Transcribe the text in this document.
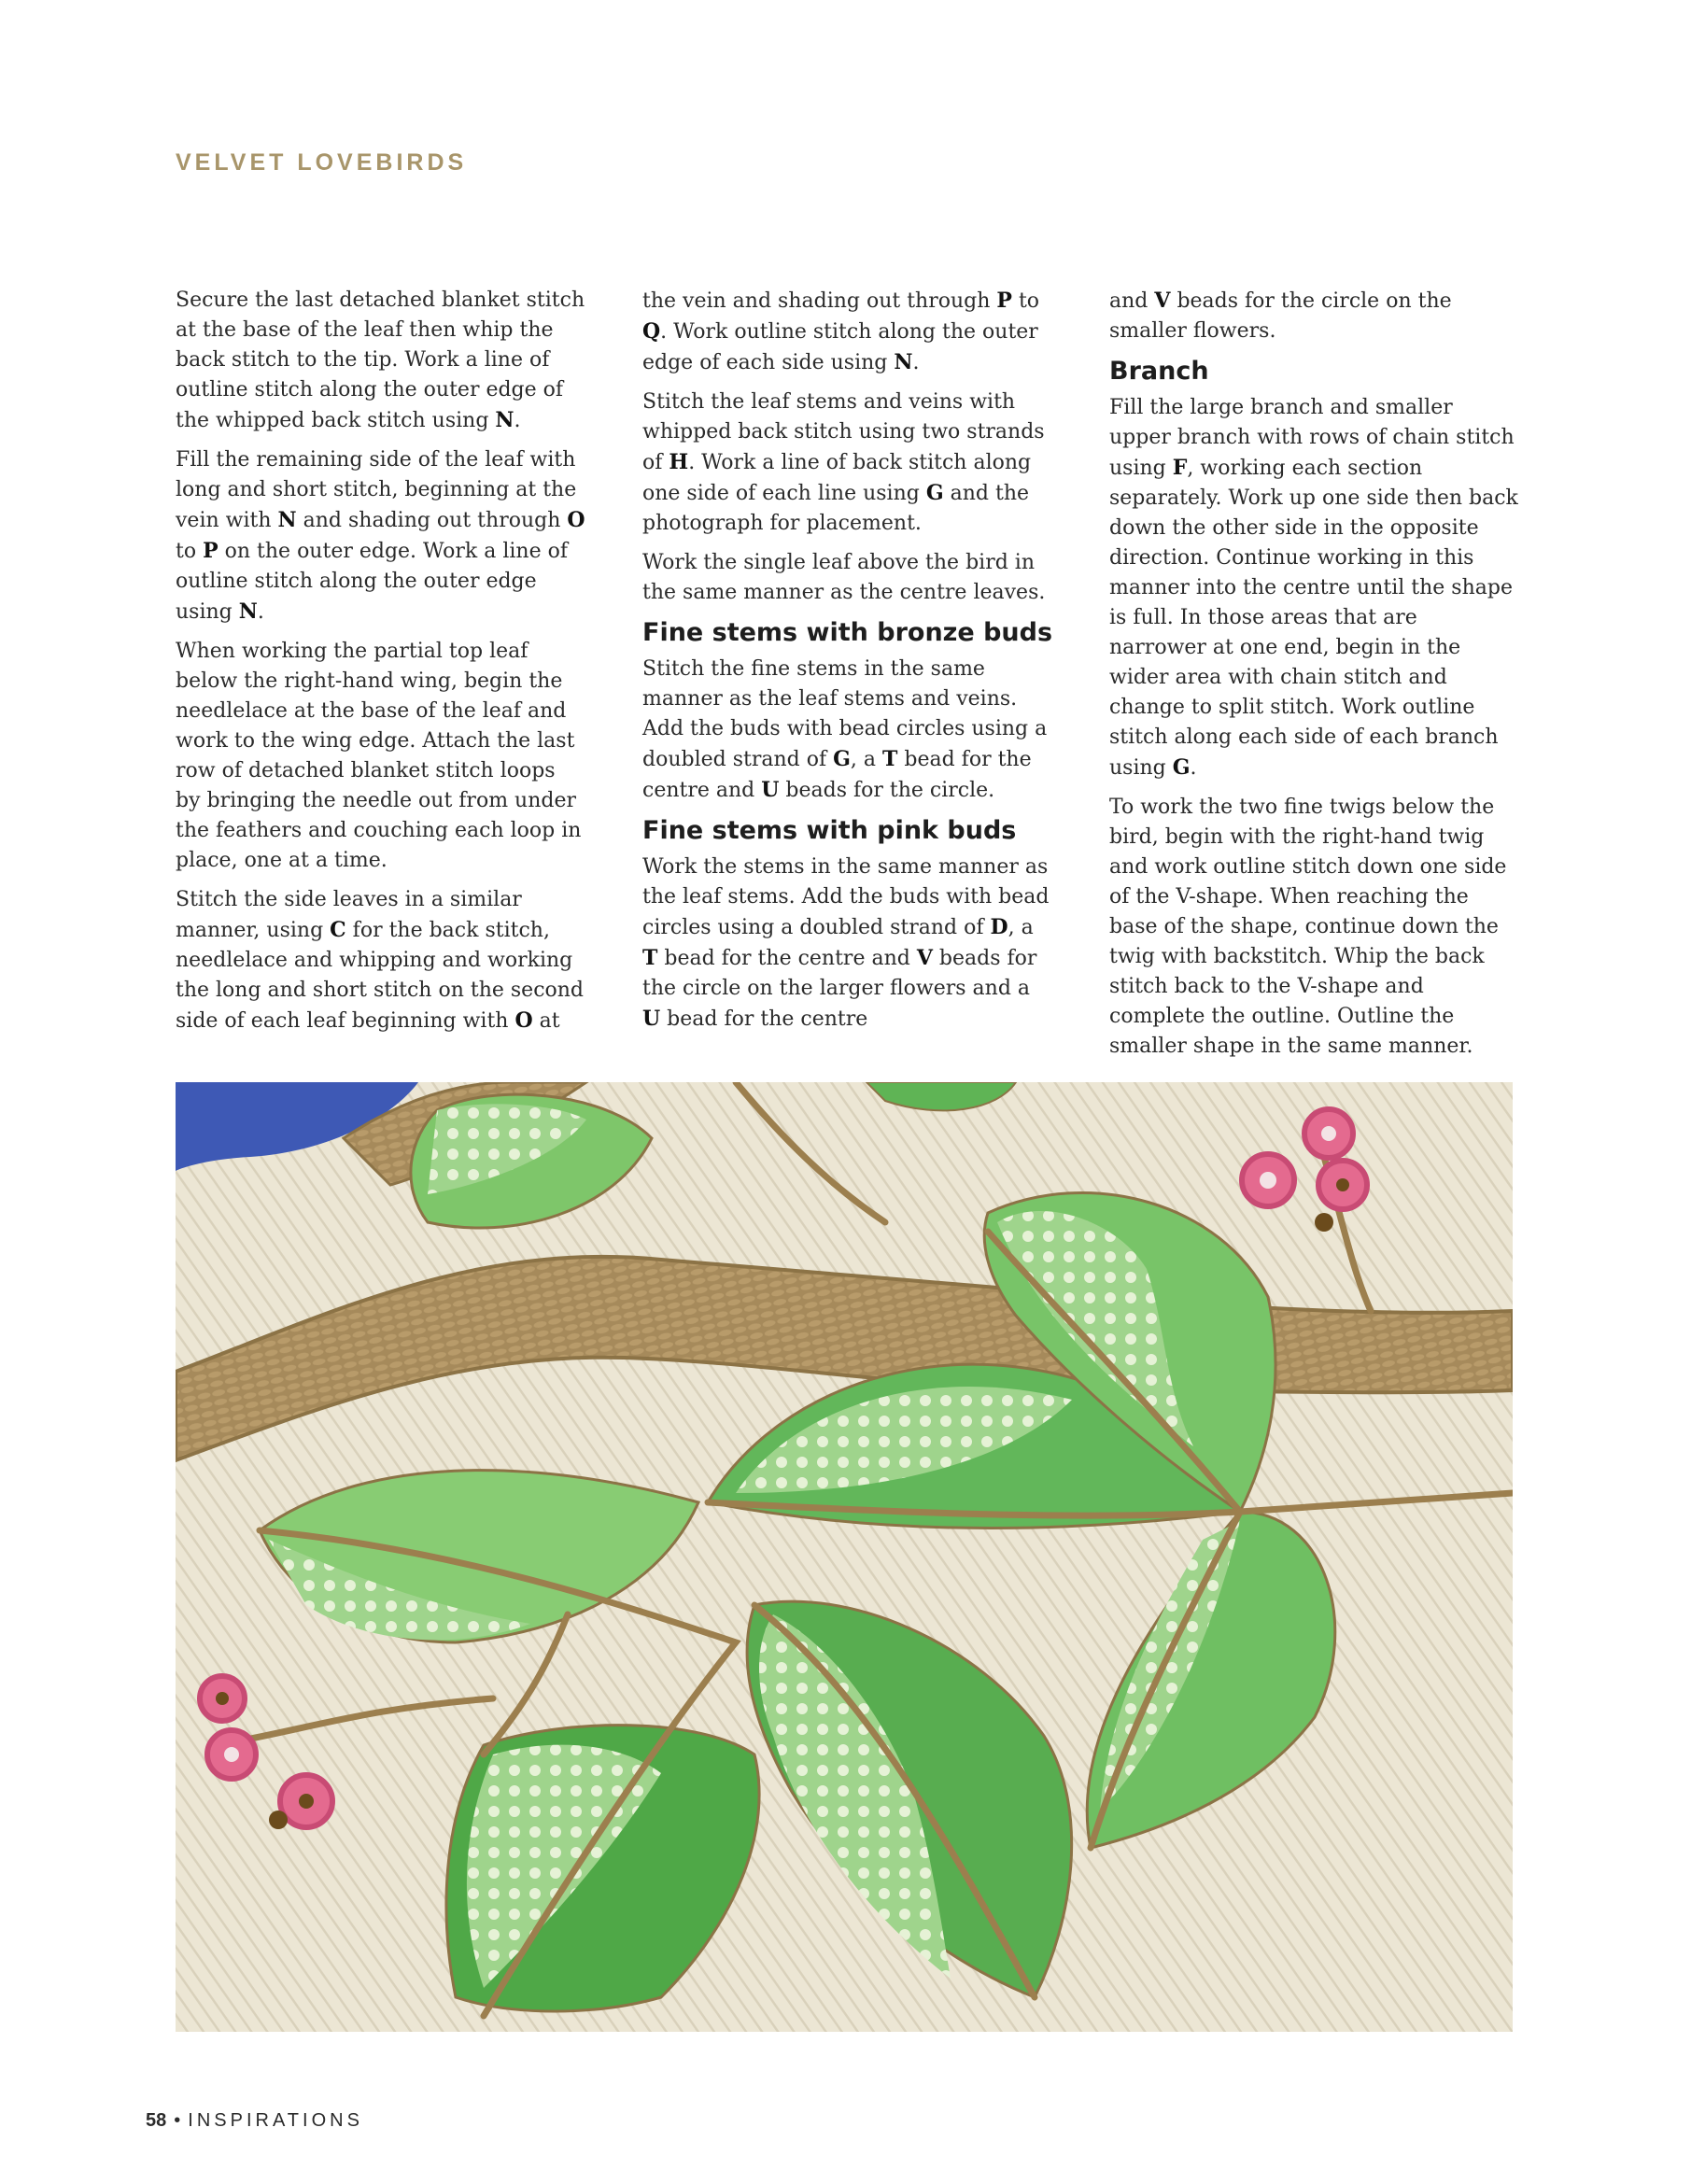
VELVET LOVEBIRDS

Secure the last detached blanket stitch at the base of the leaf then whip the back stitch to the tip. Work a line of outline stitch along the outer edge of the whipped back stitch using N.

Fill the remaining side of the leaf with long and short stitch, beginning at the vein with N and shading out through O to P on the outer edge. Work a line of outline stitch along the outer edge using N.

When working the partial top leaf below the right-hand wing, begin the needlelace at the base of the leaf and work to the wing edge. Attach the last row of detached blanket stitch loops by bringing the needle out from under the feathers and couching each loop in place, one at a time.

Stitch the side leaves in a similar manner, using C for the back stitch, needlelace and whipping and working the long and short stitch on the second side of each leaf beginning with O at

the vein and shading out through P to Q. Work outline stitch along the outer edge of each side using N.

Stitch the leaf stems and veins with whipped back stitch using two strands of H. Work a line of back stitch along one side of each line using G and the photograph for placement.

Work the single leaf above the bird in the same manner as the centre leaves.

Fine stems with bronze buds

Stitch the fine stems in the same manner as the leaf stems and veins. Add the buds with bead circles using a doubled strand of G, a T bead for the centre and U beads for the circle.

Fine stems with pink buds

Work the stems in the same manner as the leaf stems. Add the buds with bead circles using a doubled strand of D, a T bead for the centre and V beads for the circle on the larger flowers and a U bead for the centre

and V beads for the circle on the smaller flowers.

Branch

Fill the large branch and smaller upper branch with rows of chain stitch using F, working each section separately. Work up one side then back down the other side in the opposite direction. Continue working in this manner into the centre until the shape is full. In those areas that are narrower at one end, begin in the wider area with chain stitch and change to split stitch. Work outline stitch along each side of each branch using G.

To work the two fine twigs below the bird, begin with the right-hand twig and work outline stitch down one side of the V-shape. When reaching the base of the shape, continue down the twig with backstitch. Whip the back stitch back to the V-shape and complete the outline. Outline the smaller shape in the same manner.

58 • INSPIRATIONS
